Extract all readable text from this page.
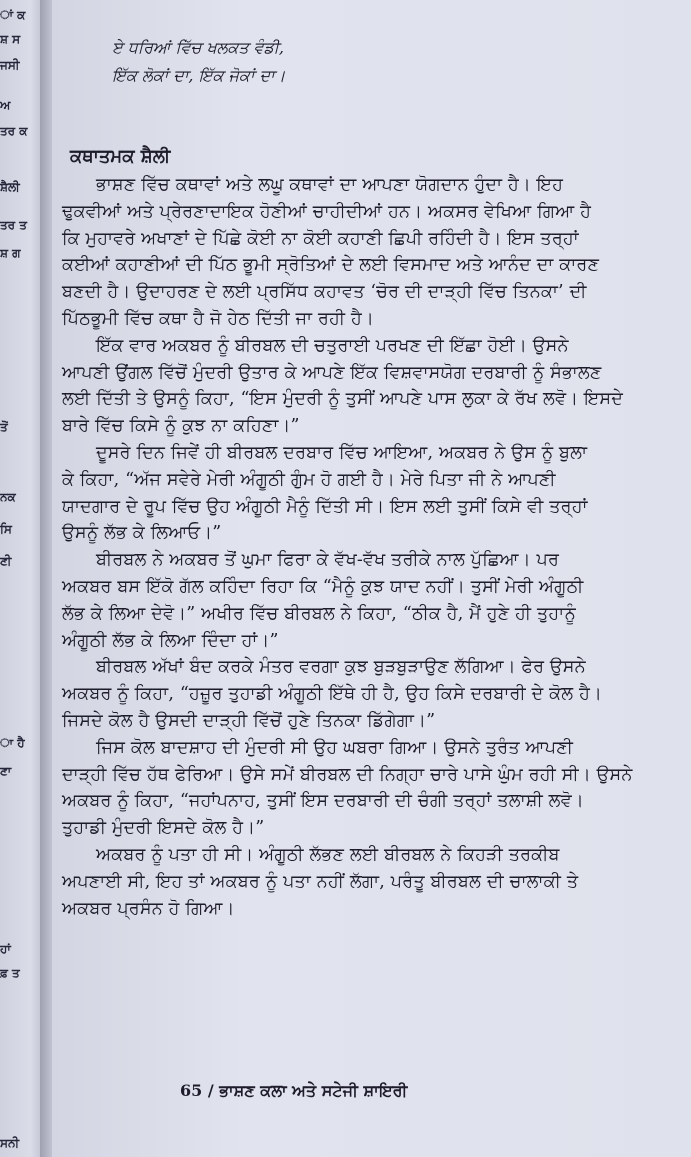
ਾਂ ਕ
ਸ਼ ਸ
ਜਸੀ
ਅ
ਤਰ ਕ
ਸ਼ੈਲੀ
ਤਰ ਤ
ਸ਼ ਗ
ਤੋਂ
ਨਕ
ਸਿ
ਣੀ
ਾ ਹੈ
ਣਾ
ਹਾਂ
ਫ਼ ਤ
ਸਨੀ
ਏ ਧਰਿਆਂ ਵਿੱਚ ਖਲਕਤ ਵੰਡੀ,
ਇੱਕ ਲੋਕਾਂ ਦਾ, ਇੱਕ ਜੋਕਾਂ ਦਾ।
ਕਥਾਤਮਕ ਸ਼ੈਲੀ
ਭਾਸ਼ਣ ਵਿੱਚ ਕਥਾਵਾਂ ਅਤੇ ਲਘੂ ਕਥਾਵਾਂ ਦਾ ਆਪਣਾ ਯੋਗਦਾਨ ਹੁੰਦਾ ਹੈ। ਇਹ
ਢੁਕਵੀਆਂ ਅਤੇ ਪ੍ਰੇਰਣਾਦਾਇਕ ਹੋਣੀਆਂ ਚਾਹੀਦੀਆਂ ਹਨ। ਅਕਸਰ ਵੇਖਿਆ ਗਿਆ ਹੈ
ਕਿ ਮੁਹਾਵਰੇ ਅਖਾਣਾਂ ਦੇ ਪਿੱਛੇ ਕੋਈ ਨਾ ਕੋਈ ਕਹਾਣੀ ਛਿਪੀ ਰਹਿੰਦੀ ਹੈ। ਇਸ ਤਰ੍ਹਾਂ
ਕਈਆਂ ਕਹਾਣੀਆਂ ਦੀ ਪਿੱਠ ਭੂਮੀ ਸ੍ਰੋਤਿਆਂ ਦੇ ਲਈ ਵਿਸਮਾਦ ਅਤੇ ਆਨੰਦ ਦਾ ਕਾਰਣ
ਬਣਦੀ ਹੈ। ਉਦਾਹਰਣ ਦੇ ਲਈ ਪ੍ਰਸਿੱਧ ਕਹਾਵਤ ‘ਚੋਰ ਦੀ ਦਾੜ੍ਹੀ ਵਿੱਚ ਤਿਨਕਾ’ ਦੀ
ਪਿੱਠਭੂਮੀ ਵਿੱਚ ਕਥਾ ਹੈ ਜੋ ਹੇਠ ਦਿੱਤੀ ਜਾ ਰਹੀ ਹੈ।
ਇੱਕ ਵਾਰ ਅਕਬਰ ਨੂੰ ਬੀਰਬਲ ਦੀ ਚਤੁਰਾਈ ਪਰਖਣ ਦੀ ਇੱਛਾ ਹੋਈ। ਉਸਨੇ
ਆਪਣੀ ਉਂਗਲ ਵਿੱਚੋਂ ਮੁੰਦਰੀ ਉਤਾਰ ਕੇ ਆਪਣੇ ਇੱਕ ਵਿਸ਼ਵਾਸਯੋਗ ਦਰਬਾਰੀ ਨੂੰ ਸੰਭਾਲਣ
ਲਈ ਦਿੱਤੀ ਤੇ ਉਸਨੂੰ ਕਿਹਾ, “ਇਸ ਮੁੰਦਰੀ ਨੂੰ ਤੁਸੀਂ ਆਪਣੇ ਪਾਸ ਲੁਕਾ ਕੇ ਰੱਖ ਲਵੋ। ਇਸਦੇ
ਬਾਰੇ ਵਿੱਚ ਕਿਸੇ ਨੂੰ ਕੁਝ ਨਾ ਕਹਿਣਾ।”
ਦੂਸਰੇ ਦਿਨ ਜਿਵੇਂ ਹੀ ਬੀਰਬਲ ਦਰਬਾਰ ਵਿੱਚ ਆਇਆ, ਅਕਬਰ ਨੇ ਉਸ ਨੂੰ ਬੁਲਾ
ਕੇ ਕਿਹਾ, “ਅੱਜ ਸਵੇਰੇ ਮੇਰੀ ਅੰਗੂਠੀ ਗੁੰਮ ਹੋ ਗਈ ਹੈ। ਮੇਰੇ ਪਿਤਾ ਜੀ ਨੇ ਆਪਣੀ
ਯਾਦਗਾਰ ਦੇ ਰੂਪ ਵਿੱਚ ਉਹ ਅੰਗੂਠੀ ਮੈਨੂੰ ਦਿੱਤੀ ਸੀ। ਇਸ ਲਈ ਤੁਸੀਂ ਕਿਸੇ ਵੀ ਤਰ੍ਹਾਂ
ਉਸਨੂੰ ਲੱਭ ਕੇ ਲਿਆਓ।”
ਬੀਰਬਲ ਨੇ ਅਕਬਰ ਤੋਂ ਘੁਮਾ ਫਿਰਾ ਕੇ ਵੱਖ-ਵੱਖ ਤਰੀਕੇ ਨਾਲ ਪੁੱਛਿਆ। ਪਰ
ਅਕਬਰ ਬਸ ਇੱਕੋ ਗੱਲ ਕਹਿੰਦਾ ਰਿਹਾ ਕਿ “ਮੈਨੂੰ ਕੁਝ ਯਾਦ ਨਹੀਂ। ਤੁਸੀਂ ਮੇਰੀ ਅੰਗੂਠੀ
ਲੱਭ ਕੇ ਲਿਆ ਦੇਵੋ।” ਅਖੀਰ ਵਿੱਚ ਬੀਰਬਲ ਨੇ ਕਿਹਾ, “ਠੀਕ ਹੈ, ਮੈਂ ਹੁਣੇ ਹੀ ਤੁਹਾਨੂੰ
ਅੰਗੂਠੀ ਲੱਭ ਕੇ ਲਿਆ ਦਿੰਦਾ ਹਾਂ।”
ਬੀਰਬਲ ਅੱਖਾਂ ਬੰਦ ਕਰਕੇ ਮੰਤਰ ਵਰਗਾ ਕੁਝ ਬੁੜਬੁੜਾਉਣ ਲੱਗਿਆ। ਫੇਰ ਉਸਨੇ
ਅਕਬਰ ਨੂੰ ਕਿਹਾ, “ਹਜ਼ੂਰ ਤੁਹਾਡੀ ਅੰਗੂਠੀ ਇੱਥੇ ਹੀ ਹੈ, ਉਹ ਕਿਸੇ ਦਰਬਾਰੀ ਦੇ ਕੋਲ ਹੈ।
ਜਿਸਦੇ ਕੋਲ ਹੈ ਉਸਦੀ ਦਾੜ੍ਹੀ ਵਿੱਚੋਂ ਹੁਣੇ ਤਿਨਕਾ ਡਿੱਗੇਗਾ।”
ਜਿਸ ਕੋਲ ਬਾਦਸ਼ਾਹ ਦੀ ਮੁੰਦਰੀ ਸੀ ਉਹ ਘਬਰਾ ਗਿਆ। ਉਸਨੇ ਤੁਰੰਤ ਆਪਣੀ
ਦਾੜ੍ਹੀ ਵਿੱਚ ਹੱਥ ਫੇਰਿਆ। ਉਸੇ ਸਮੇਂ ਬੀਰਬਲ ਦੀ ਨਿਗ੍ਹਾ ਚਾਰੇ ਪਾਸੇ ਘੁੰਮ ਰਹੀ ਸੀ। ਉਸਨੇ
ਅਕਬਰ ਨੂੰ ਕਿਹਾ, “ਜਹਾਂਪਨਾਹ, ਤੁਸੀਂ ਇਸ ਦਰਬਾਰੀ ਦੀ ਚੰਗੀ ਤਰ੍ਹਾਂ ਤਲਾਸ਼ੀ ਲਵੋ।
ਤੁਹਾਡੀ ਮੁੰਦਰੀ ਇਸਦੇ ਕੋਲ ਹੈ।”
ਅਕਬਰ ਨੂੰ ਪਤਾ ਹੀ ਸੀ। ਅੰਗੂਠੀ ਲੱਭਣ ਲਈ ਬੀਰਬਲ ਨੇ ਕਿਹੜੀ ਤਰਕੀਬ
ਅਪਣਾਈ ਸੀ, ਇਹ ਤਾਂ ਅਕਬਰ ਨੂੰ ਪਤਾ ਨਹੀਂ ਲੱਗਾ, ਪਰੰਤੂ ਬੀਰਬਲ ਦੀ ਚਾਲਾਕੀ ਤੇ
ਅਕਬਰ ਪ੍ਰਸੰਨ ਹੋ ਗਿਆ।
65 / ਭਾਸ਼ਣ ਕਲਾ ਅਤੇ ਸਟੇਜੀ ਸ਼ਾਇਰੀ
